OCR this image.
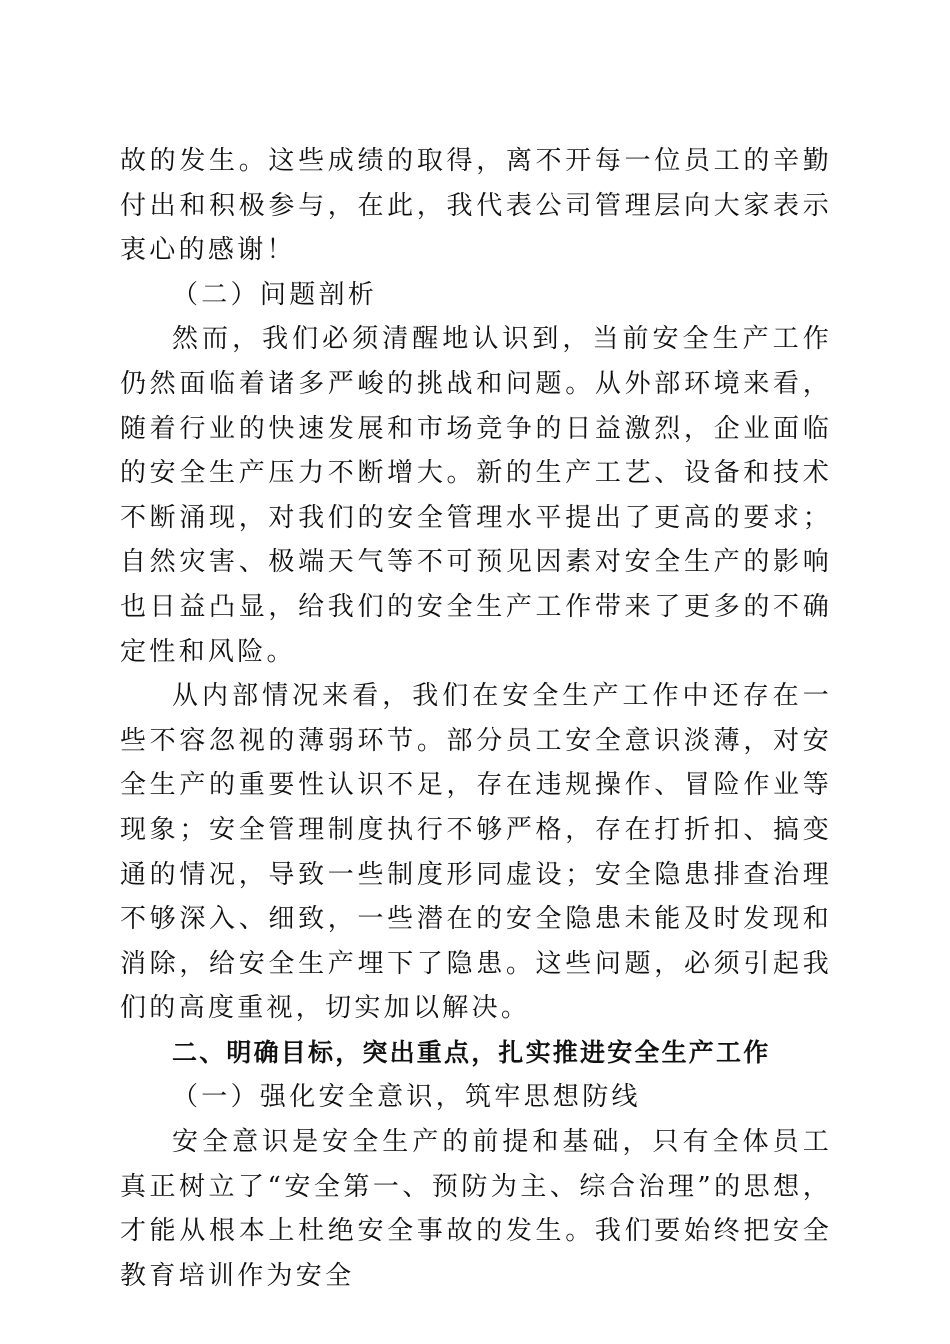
故的发生。这些成绩的取得，离不开每一位员工的辛勤付出和积极参与，在此，我代表公司管理层向大家表示衷心的感谢！

（二）问题剖析

然而，我们必须清醒地认识到，当前安全生产工作仍然面临着诸多严峻的挑战和问题。从外部环境来看，随着行业的快速发展和市场竞争的日益激烈，企业面临的安全生产压力不断增大。新的生产工艺、设备和技术不断涌现，对我们的安全管理水平提出了更高的要求；自然灾害、极端天气等不可预见因素对安全生产的影响也日益凸显，给我们的安全生产工作带来了更多的不确定性和风险。

从内部情况来看，我们在安全生产工作中还存在一些不容忽视的薄弱环节。部分员工安全意识淡薄，对安全生产的重要性认识不足，存在违规操作、冒险作业等现象；安全管理制度执行不够严格，存在打折扣、搞变通的情况，导致一些制度形同虚设；安全隐患排查治理不够深入、细致，一些潜在的安全隐患未能及时发现和消除，给安全生产埋下了隐患。这些问题，必须引起我们的高度重视，切实加以解决。

二、明确目标，突出重点，扎实推进安全生产工作

（一）强化安全意识，筑牢思想防线

安全意识是安全生产的前提和基础，只有全体员工真正树立了“安全第一、预防为主、综合治理”的思想，才能从根本上杜绝安全事故的发生。我们要始终把安全教育培训作为安全
